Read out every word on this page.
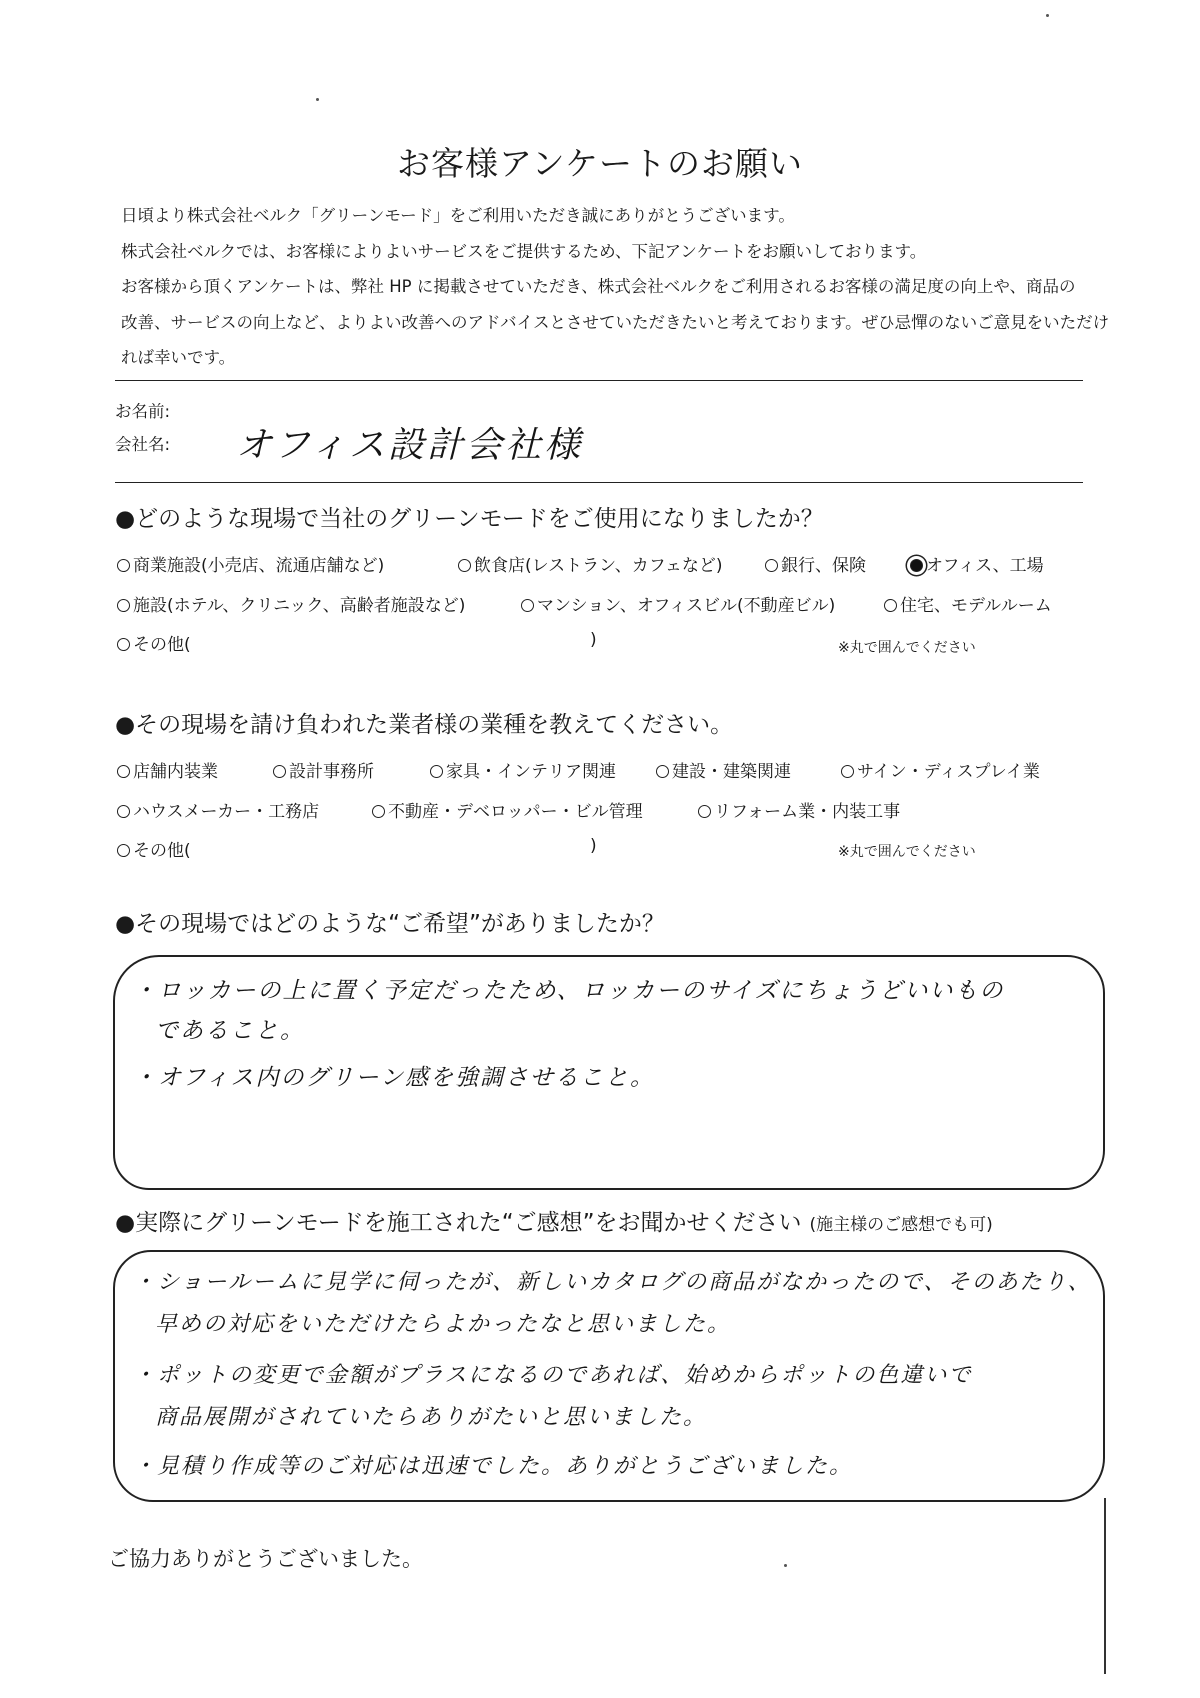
お客様アンケートのお願い
日頃より株式会社ベルク「グリーンモード」をご利用いただき誠にありがとうございます。
株式会社ベルクでは、お客様によりよいサービスをご提供するため、下記アンケートをお願いしております。
お客様から頂くアンケートは、弊社 HP に掲載させていただき、株式会社ベルクをご利用されるお客様の満足度の向上や、商品の
改善、サービスの向上など、よりよい改善へのアドバイスとさせていただきたいと考えております。ぜひ忌憚のないご意見をいただけ
れば幸いです。
お名前:
会社名: オフィス設計会社様
●どのような現場で当社のグリーンモードをご使用になりましたか？
商業施設(小売店、流通店舗など)	飲食店(レストラン、カフェなど)	銀行、保険	オフィス、工場
施設(ホテル、クリニック、高齢者施設など)	マンション、オフィスビル(不動産ビル)	住宅、モデルルーム
その他(	)	※丸で囲んでください
●その現場を請け負われた業者様の業種を教えてください。
店舗内装業	設計事務所	家具・インテリア関連	建設・建築関連	サイン・ディスプレイ業
ハウスメーカー・工務店	不動産・デベロッパー・ビル管理	リフォーム業・内装工事
その他(	)	※丸で囲んでください
●その現場ではどのような“ご希望”がありましたか？
・ロッカーの上に置く予定だったため、ロッカーのサイズにちょうどいいもの
であること。
・オフィス内のグリーン感を強調させること。
●実際にグリーンモードを施工された“ご感想”をお聞かせください (施主様のご感想でも可)
・ショールームに見学に伺ったが、新しいカタログの商品がなかったので、そのあたり、
早めの対応をいただけたらよかったなと思いました。
・ポットの変更で金額がプラスになるのであれば、始めからポットの色違いで
商品展開がされていたらありがたいと思いました。
・見積り作成等のご対応は迅速でした。ありがとうございました。
ご協力ありがとうございました。
